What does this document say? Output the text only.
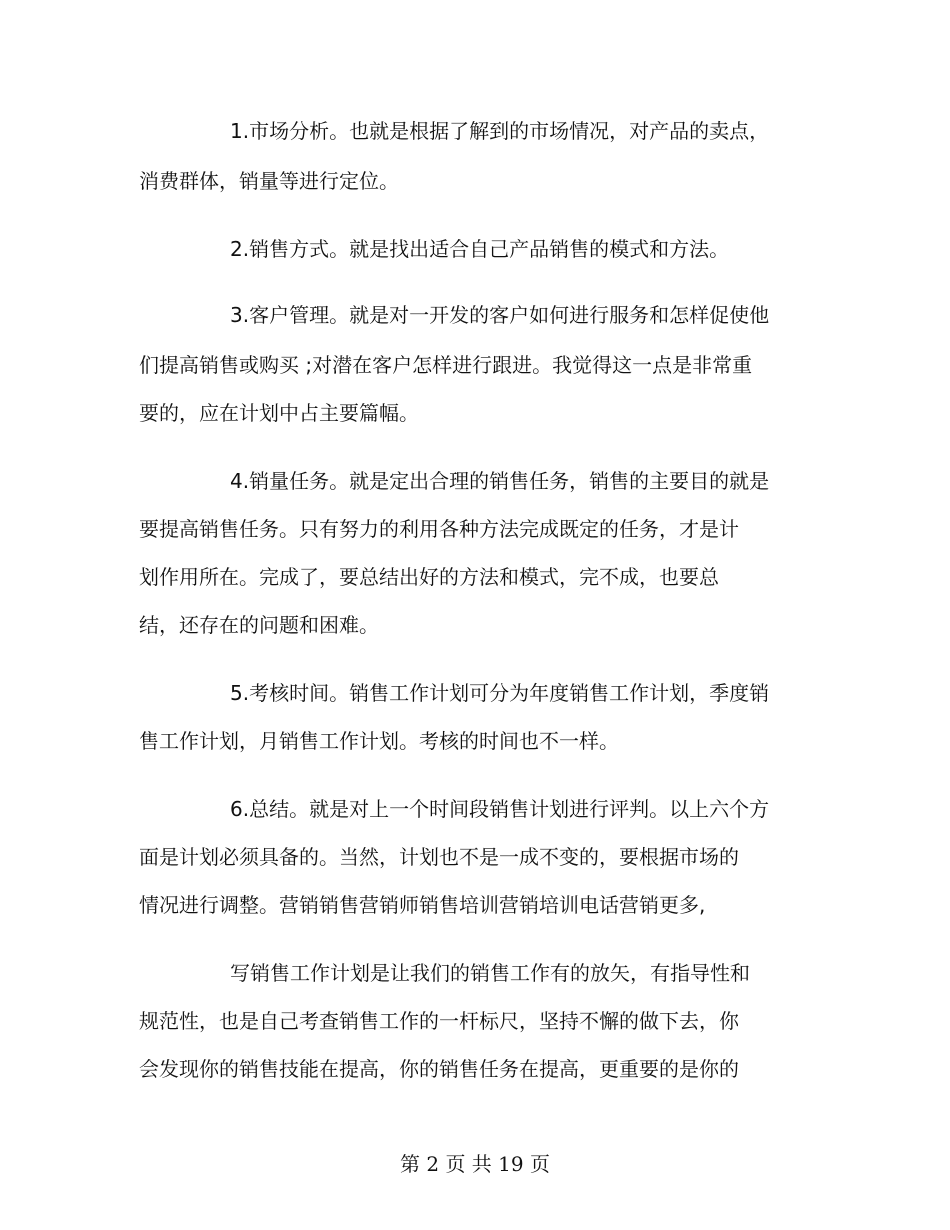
1.市场分析。也就是根据了解到的市场情况，对产品的卖点，
消费群体，销量等进行定位。
2.销售方式。就是找出适合自己产品销售的模式和方法。
3.客户管理。就是对一开发的客户如何进行服务和怎样促使他
们提高销售或购买 ;对潜在客户怎样进行跟进。我觉得这一点是非常重
要的，应在计划中占主要篇幅。
4.销量任务。就是定出合理的销售任务，销售的主要目的就是
要提高销售任务。只有努力的利用各种方法完成既定的任务，才是计
划作用所在。完成了，要总结出好的方法和模式，完不成，也要总
结，还存在的问题和困难。
5.考核时间。销售工作计划可分为年度销售工作计划，季度销
售工作计划，月销售工作计划。考核的时间也不一样。
6.总结。就是对上一个时间段销售计划进行评判。以上六个方
面是计划必须具备的。当然，计划也不是一成不变的，要根据市场的
情况进行调整。营销销售营销师销售培训营销培训电话营销更多,
写销售工作计划是让我们的销售工作有的放矢，有指导性和
规范性，也是自己考查销售工作的一杆标尺，坚持不懈的做下去，你
会发现你的销售技能在提高，你的销售任务在提高，更重要的是你的
第 2 页 共 19 页
